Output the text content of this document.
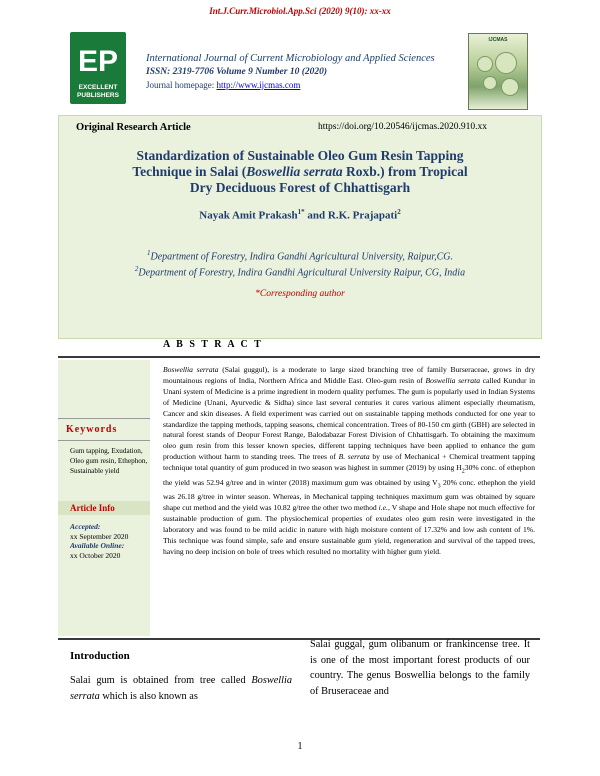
Int.J.Curr.Microbiol.App.Sci (2020) 9(10): xx-xx
EP
EXCELLENT
PUBLISHERS
International Journal of Current Microbiology and Applied Sciences
ISSN: 2319-7706 Volume 9 Number 10 (2020)
Journal homepage: http://www.ijcmas.com
IJCMAS
Original Research Article	https://doi.org/10.20546/ijcmas.2020.910.xx
Standardization of Sustainable Oleo Gum Resin Tapping
Technique in Salai (Boswellia serrata Roxb.) from Tropical
Dry Deciduous Forest of Chhattisgarh
Nayak Amit Prakash$^{1*}$ and R.K. Prajapati$^2$
$^1$Department of Forestry, Indira Gandhi Agricultural University, Raipur,CG.
$^2$Department of Forestry, Indira Gandhi Agricultural University Raipur, CG, India
*Corresponding author
A B S T R A C T
Keywords
Gum tapping, Exudation, Oleo gum resin, Ethephon, Sustainable yield
Article Info
Accepted:
xx September 2020
Available Online:
xx October 2020
Boswellia serrata (Salai guggul), is a moderate to large sized branching tree of family Burseraceae, grows in dry mountainous regions of India, Northern Africa and Middle East. Oleo-gum resin of Boswellia serrata called Kundur in Unani system of Medicine is a prime ingredient in modern quality perfumes. The gum is popularly used in Indian Systems of Medicine (Unani, Ayurvedic & Sidha) since last several centuries it cures various aliment especially rheumatism, Cancer and skin diseases. A field experiment was carried out on sustainable tapping methods conducted for one year to standardize the tapping methods, tapping seasons, chemical concentration. Trees of 80-150 cm girth (GBH) are selected in natural forest stands of Deopur Forest Range, Balodabazar Forest Division of Chhattisgarh. To obtaining the maximum oleo gum resin from this lesser known species, different tapping techniques have been applied to enhance the gum production without harm to standing trees. The trees of B. serrata by use of Mechanical + Chemical treatment tapping technique total quantity of gum produced in two season was highest in summer (2019) by using $H_230\%$ conc. of ethephon the yield was 52.94 g/tree and in winter (2018) maximum gum was obtained by using $V_3$ 20% conc. ethephon the yield was 26.18 g/tree in winter season. Whereas, in Mechanical tapping techniques maximum gum was obtained by square shape cut method and the yield was 10.82 g/tree the other two method i.e., V shape and Hole shape not much effective for sustainable production of gum. The physiochemical properties of exudates oleo gum resin were investigated in the laboratory and was found to be mild acidic in nature with high moisture content of 17.32% and low ash content of 1%. This technique was found simple, safe and ensure sustainable gum yield, regeneration and survival of the tapped trees, having no deep incision on bole of trees which resulted no mortality with higher gum yield.
Introduction
Salai gum is obtained from tree called Boswellia serrata which is also known as
Salai guggal, gum olibanum or frankincense tree. It is one of the most important forest products of our country. The genus Boswellia belongs to the family of Bruseraceae and
1
